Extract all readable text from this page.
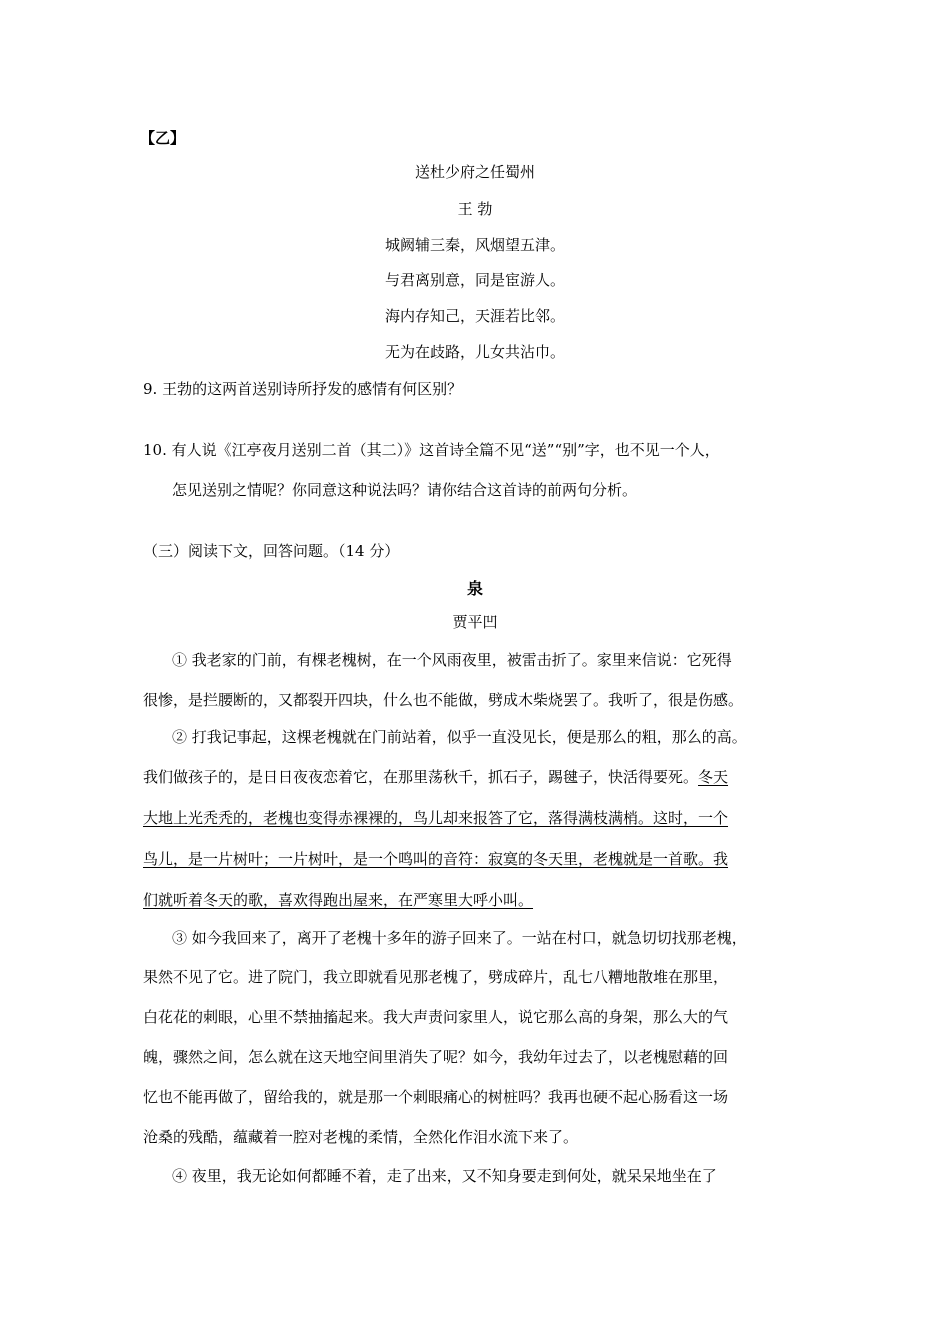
【乙】
送杜少府之任蜀州
王 勃
城阙辅三秦，风烟望五津。
与君离别意，同是宦游人。
海内存知己，天涯若比邻。
无为在歧路，儿女共沾巾。
9. 王勃的这两首送别诗所抒发的感情有何区别？
10. 有人说《江亭夜月送别二首（其二）》这首诗全篇不见“送”“别”字，也不见一个人，
怎见送别之情呢？你同意这种说法吗？请你结合这首诗的前两句分析。
（三）阅读下文，回答问题。（14 分）
泉
贾平凹
① 我老家的门前，有棵老槐树，在一个风雨夜里，被雷击折了。家里来信说：它死得
很惨，是拦腰断的，又都裂开四块，什么也不能做，劈成木柴烧罢了。我听了，很是伤感。
② 打我记事起，这棵老槐就在门前站着，似乎一直没见长，便是那么的粗，那么的高。
我们做孩子的，是日日夜夜恋着它，在那里荡秋千，抓石子，踢毽子，快活得要死。冬天
大地上光秃秃的，老槐也变得赤裸裸的，鸟儿却来报答了它，落得满枝满梢。这时，一个
鸟儿，是一片树叶；一片树叶，是一个鸣叫的音符：寂寞的冬天里，老槐就是一首歌。我
们就听着冬天的歌，喜欢得跑出屋来，在严寒里大呼小叫。
③ 如今我回来了，离开了老槐十多年的游子回来了。一站在村口，就急切切找那老槐，
果然不见了它。进了院门，我立即就看见那老槐了，劈成碎片，乱七八糟地散堆在那里，
白花花的刺眼，心里不禁抽搐起来。我大声责问家里人，说它那么高的身架，那么大的气
魄，骤然之间，怎么就在这天地空间里消失了呢？如今，我幼年过去了，以老槐慰藉的回
忆也不能再做了，留给我的，就是那一个刺眼痛心的树桩吗？我再也硬不起心肠看这一场
沧桑的残酷，蕴藏着一腔对老槐的柔情，全然化作泪水流下来了。
④ 夜里，我无论如何都睡不着，走了出来，又不知身要走到何处，就呆呆地坐在了
